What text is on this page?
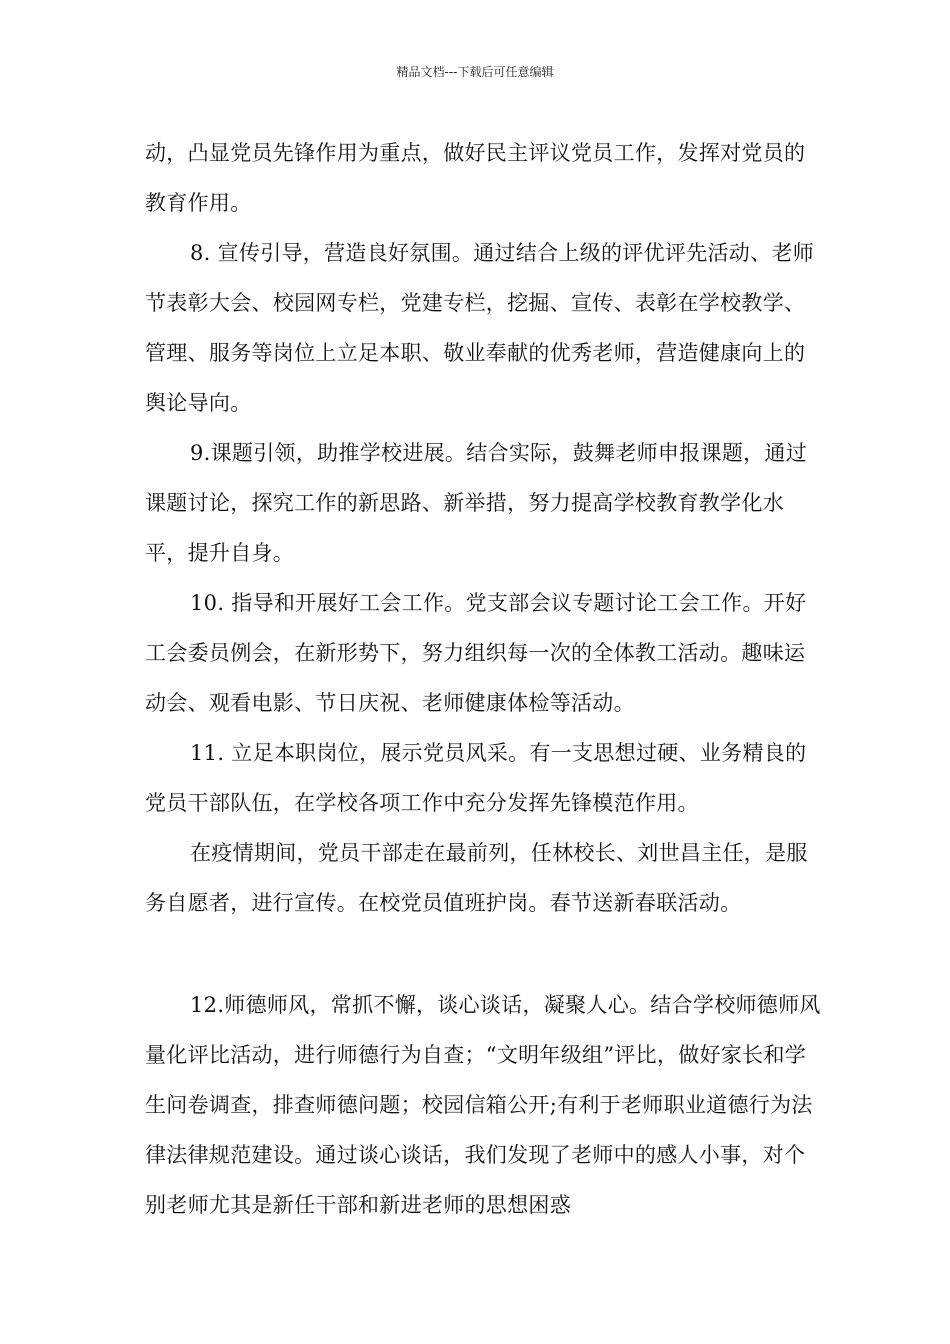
精品文档---下载后可任意编辑

动，凸显党员先锋作用为重点，做好民主评议党员工作，发挥对党员的教育作用。

8. 宣传引导，营造良好氛围。通过结合上级的评优评先活动、老师节表彰大会、校园网专栏，党建专栏，挖掘、宣传、表彰在学校教学、管理、服务等岗位上立足本职、敬业奉献的优秀老师，营造健康向上的舆论导向。

9.课题引领，助推学校进展。结合实际，鼓舞老师申报课题，通过课题讨论，探究工作的新思路、新举措，努力提高学校教育教学化水平，提升自身。

10. 指导和开展好工会工作。党支部会议专题讨论工会工作。开好工会委员例会，在新形势下，努力组织每一次的全体教工活动。趣味运动会、观看电影、节日庆祝、老师健康体检等活动。

11. 立足本职岗位，展示党员风采。有一支思想过硬、业务精良的党员干部队伍，在学校各项工作中充分发挥先锋模范作用。

在疫情期间，党员干部走在最前列，任林校长、刘世昌主任，是服务自愿者，进行宣传。在校党员值班护岗。春节送新春联活动。

12.师德师风，常抓不懈，谈心谈话，凝聚人心。结合学校师德师风量化评比活动，进行师德行为自查；“文明年级组”评比，做好家长和学生问卷调查，排查师德问题；校园信箱公开;有利于老师职业道德行为法律法律规范建设。通过谈心谈话，我们发现了老师中的感人小事，对个别老师尤其是新任干部和新进老师的思想困惑
